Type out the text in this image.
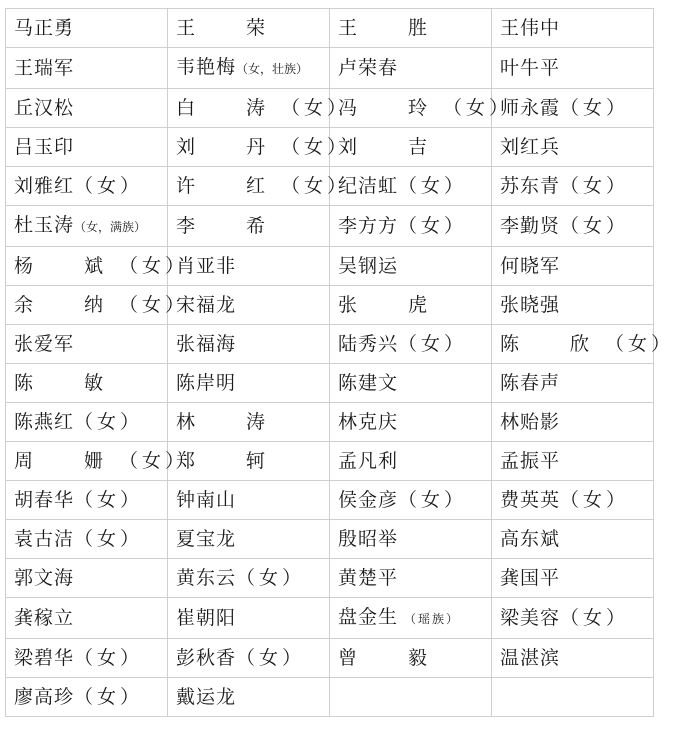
马正勇	王　荣	王　胜	王伟中
王瑞军	韦艳梅（女，壮族）	卢荣春	叶牛平
丘汉松	白　涛（女）	冯　玲（女）	师永霞（女）
吕玉印	刘　丹（女）	刘　吉	刘红兵
刘雅红（女）	许　红（女）	纪洁虹（女）	苏东青（女）
杜玉涛（女，满族）	李　希	李方方（女）	李勤贤（女）
杨　斌（女）	肖亚非	吴钢运	何晓军
余　纳（女）	宋福龙	张　虎	张晓强
张爱军	张福海	陆秀兴（女）	陈　欣（女）
陈　敏	陈岸明	陈建文	陈春声
陈燕红（女）	林　涛	林克庆	林贻影
周　姗（女）	郑　轲	孟凡利	孟振平
胡春华（女）	钟南山	侯金彦（女）	费英英（女）
袁古洁（女）	夏宝龙	殷昭举	高东斌
郭文海	黄东云（女）	黄楚平	龚国平
龚稼立	崔朝阳	盘金生 （瑶族）	梁美容（女）
梁碧华（女）	彭秋香（女）	曾　毅	温湛滨
廖高珍（女）	戴运龙		
